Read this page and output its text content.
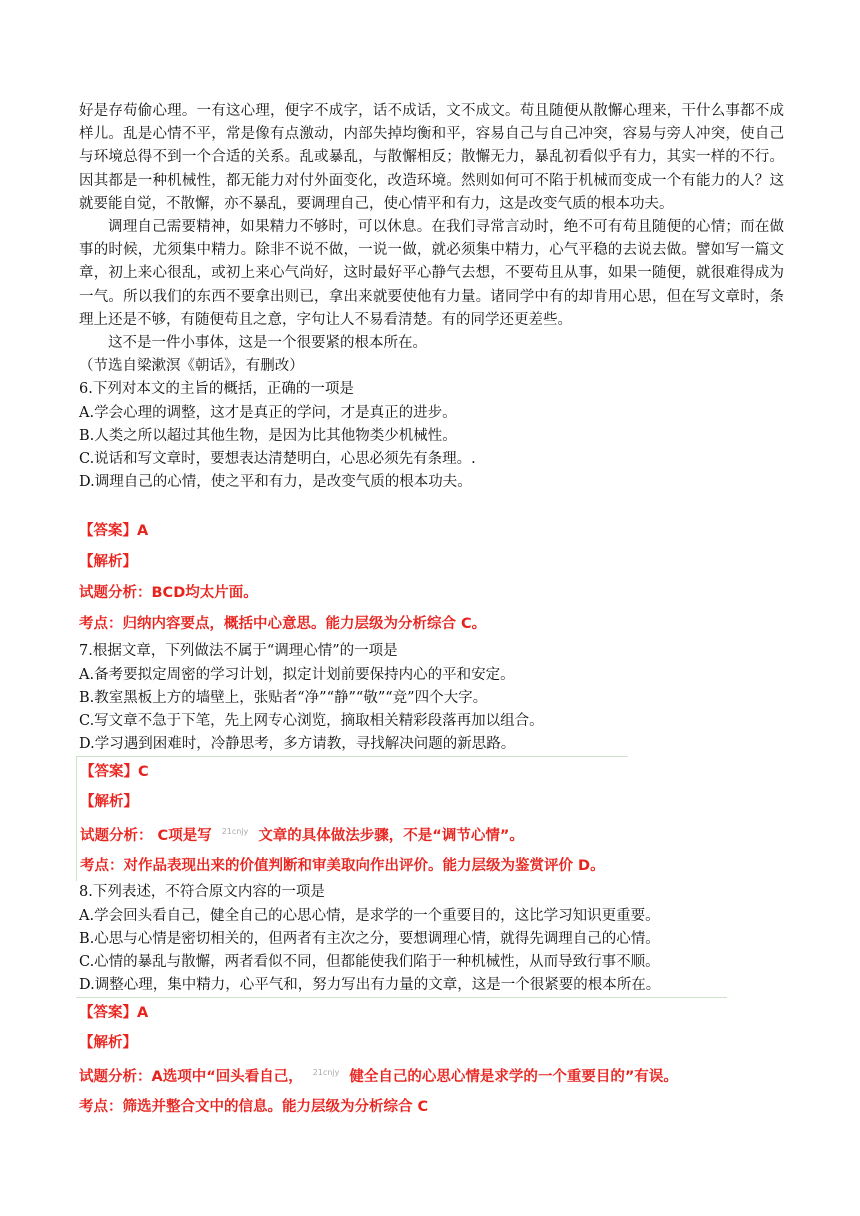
好是存苟偷心理。一有这心理，便字不成字，话不成话，文不成文。苟且随便从散懈心理来，干什么事都不成样儿。乱是心情不平，常是像有点激动，内部失掉均衡和平，容易自己与自己冲突，容易与旁人冲突，使自己与环境总得不到一个合适的关系。乱或暴乱，与散懈相反；散懈无力，暴乱初看似乎有力，其实一样的不行。因其都是一种机械性，都无能力对付外面变化，改造环境。然则如何可不陷于机械而变成一个有能力的人？这就要能自觉，不散懈，亦不暴乱，要调理自己，使心情平和有力，这是改变气质的根本功夫。

调理自己需要精神，如果精力不够时，可以休息。在我们寻常言动时，绝不可有苟且随便的心情；而在做事的时候，尤须集中精力。除非不说不做，一说一做，就必须集中精力，心气平稳的去说去做。譬如写一篇文章，初上来心很乱，或初上来心气尚好，这时最好平心静气去想，不要苟且从事，如果一随便，就很难得成为一气。所以我们的东西不要拿出则已，拿出来就要使他有力量。诸同学中有的却肯用心思，但在写文章时，条理上还是不够，有随便苟且之意，字句让人不易看清楚。有的同学还更差些。

这不是一件小事体，这是一个很要紧的根本所在。

（节选自梁漱溟《朝话》，有删改）

6.下列对本文的主旨的概括，正确的一项是

A.学会心理的调整，这才是真正的学问，才是真正的进步。

B.人类之所以超过其他生物，是因为比其他物类少机械性。

C.说话和写文章时，要想表达清楚明白，心思必须先有条理。.

D.调理自己的心情，使之平和有力，是改变气质的根本功夫。

【答案】A

【解析】

试题分析：BCD均太片面。

考点：归纳内容要点，概括中心意思。能力层级为分析综合 C。

7.根据文章，下列做法不属于“调理心情”的一项是

A.备考要拟定周密的学习计划，拟定计划前要保持内心的平和安定。

B.教室黑板上方的墙壁上，张贴者“净”“静”“敬”“竞”四个大字。

C.写文章不急于下笔，先上网专心浏览，摘取相关精彩段落再加以组合。

D.学习遇到困难时，冷静思考，多方请教，寻找解决问题的新思路。

【答案】C

【解析】

试题分析： C项是写 $^{21cnjy}$ 文章的具体做法步骤，不是“调节心情”。

考点：对作品表现出来的价值判断和审美取向作出评价。能力层级为鉴赏评价 D。

8.下列表述，不符合原文内容的一项是

A.学会回头看自己，健全自己的心思心情，是求学的一个重要目的，这比学习知识更重要。

B.心思与心情是密切相关的，但两者有主次之分，要想调理心情，就得先调理自己的心情。

C.心情的暴乱与散懈，两者看似不同，但都能使我们陷于一种机械性，从而导致行事不顺。

D.调整心理，集中精力，心平气和，努力写出有力量的文章，这是一个很紧要的根本所在。

【答案】A

【解析】

试题分析：A选项中“回头看自己， $^{21cnjy}$ 健全自己的心思心情是求学的一个重要目的”有误。

考点：筛选并整合文中的信息。能力层级为分析综合 C
